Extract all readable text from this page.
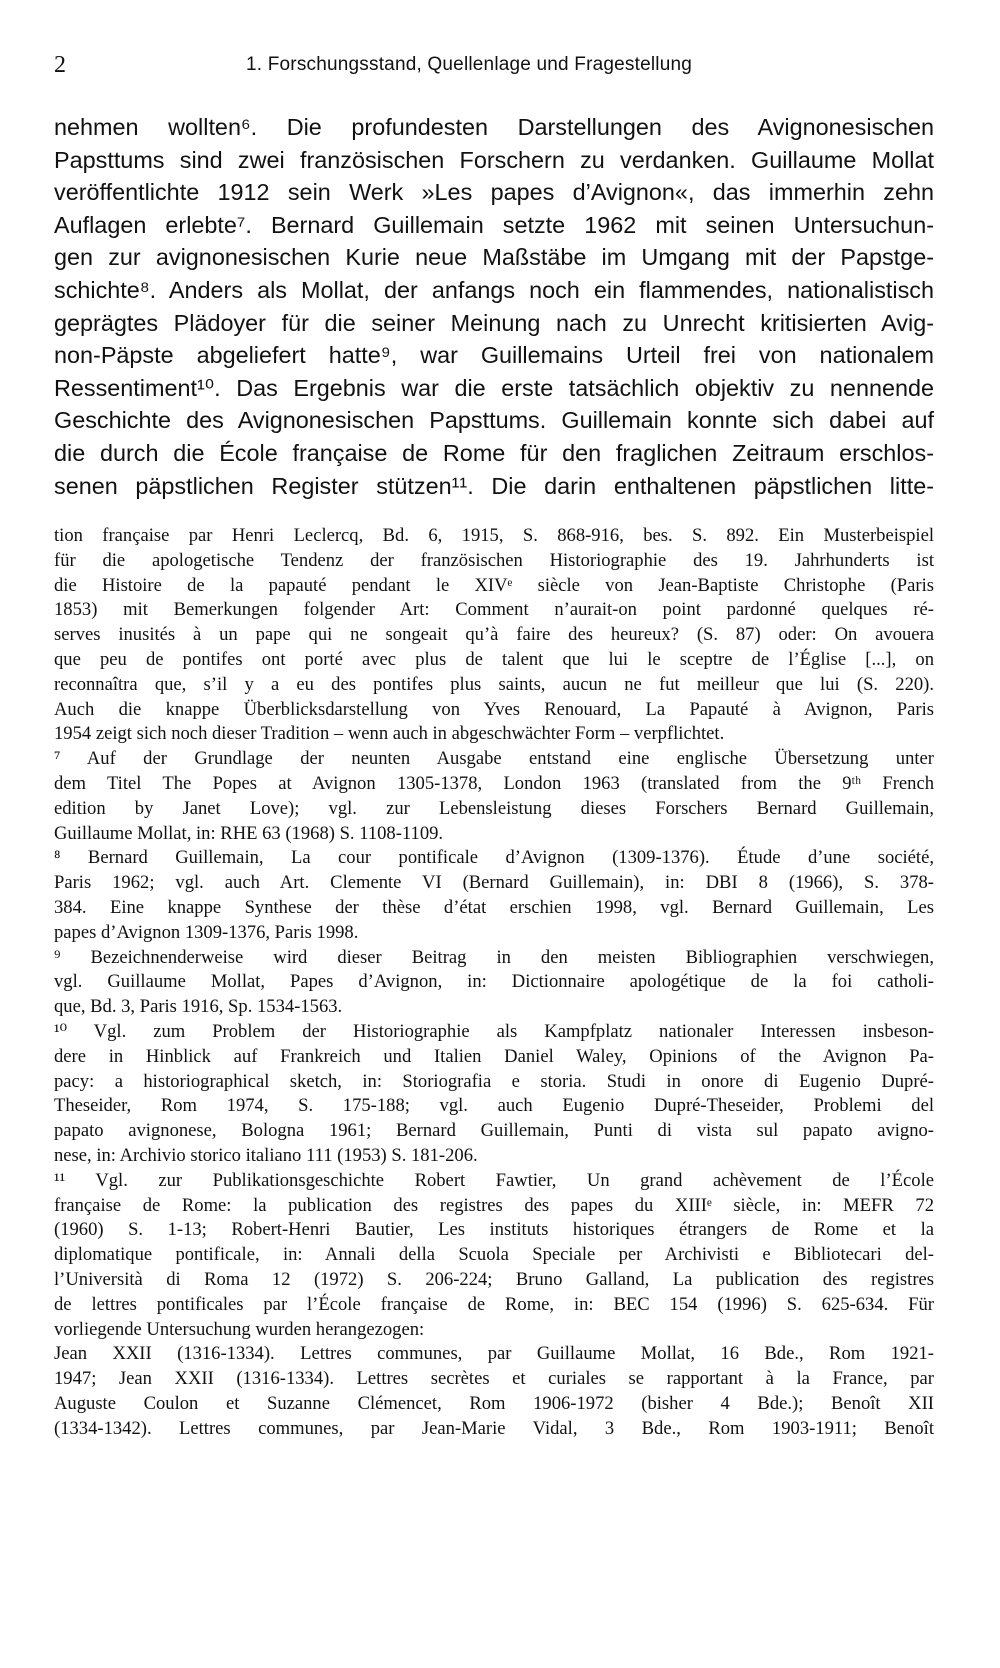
2	1. Forschungsstand, Quellenlage und Fragestellung
nehmen wollten⁶. Die profundesten Darstellungen des Avignonesischen
Papsttums sind zwei französischen Forschern zu verdanken. Guillaume Mollat
veröffentlichte 1912 sein Werk »Les papes d’Avignon«, das immerhin zehn
Auflagen erlebte⁷. Bernard Guillemain setzte 1962 mit seinen Untersuchun-
gen zur avignonesischen Kurie neue Maßstäbe im Umgang mit der Papstge-
schichte⁸. Anders als Mollat, der anfangs noch ein flammendes, nationalistisch
geprägtes Plädoyer für die seiner Meinung nach zu Unrecht kritisierten Avig-
non-Päpste abgeliefert hatte⁹, war Guillemains Urteil frei von nationalem
Ressentiment¹⁰. Das Ergebnis war die erste tatsächlich objektiv zu nennende
Geschichte des Avignonesischen Papsttums. Guillemain konnte sich dabei auf
die durch die École française de Rome für den fraglichen Zeitraum erschlos-
senen päpstlichen Register stützen¹¹. Die darin enthaltenen päpstlichen litte-
tion française par Henri Leclercq, Bd. 6, 1915, S. 868-916, bes. S. 892. Ein Musterbeispiel
für die apologetische Tendenz der französischen Historiographie des 19. Jahrhunderts ist
die Histoire de la papauté pendant le XIVᵉ siècle von Jean-Baptiste Christophe (Paris
1853) mit Bemerkungen folgender Art: Comment n’aurait-on point pardonné quelques ré-
serves inusités à un pape qui ne songeait qu’à faire des heureux? (S. 87) oder: On avouera
que peu de pontifes ont porté avec plus de talent que lui le sceptre de l’Église [...], on
reconnaîtra que, s’il y a eu des pontifes plus saints, aucun ne fut meilleur que lui (S. 220).
Auch die knappe Überblicksdarstellung von Yves Renouard, La Papauté à Avignon, Paris
1954 zeigt sich noch dieser Tradition – wenn auch in abgeschwächter Form – verpflichtet.
⁷ Auf der Grundlage der neunten Ausgabe entstand eine englische Übersetzung unter
dem Titel The Popes at Avignon 1305-1378, London 1963 (translated from the 9ᵗʰ French
edition by Janet Love); vgl. zur Lebensleistung dieses Forschers Bernard Guillemain,
Guillaume Mollat, in: RHE 63 (1968) S. 1108-1109.
⁸ Bernard Guillemain, La cour pontificale d’Avignon (1309-1376). Étude d’une société,
Paris 1962; vgl. auch Art. Clemente VI (Bernard Guillemain), in: DBI 8 (1966), S. 378-
384. Eine knappe Synthese der thèse d’état erschien 1998, vgl. Bernard Guillemain, Les
papes d’Avignon 1309-1376, Paris 1998.
⁹ Bezeichnenderweise wird dieser Beitrag in den meisten Bibliographien verschwiegen,
vgl. Guillaume Mollat, Papes d’Avignon, in: Dictionnaire apologétique de la foi catholi-
que, Bd. 3, Paris 1916, Sp. 1534-1563.
¹⁰ Vgl. zum Problem der Historiographie als Kampfplatz nationaler Interessen insbeson-
dere in Hinblick auf Frankreich und Italien Daniel Waley, Opinions of the Avignon Pa-
pacy: a historiographical sketch, in: Storiografia e storia. Studi in onore di Eugenio Dupré-
Theseider, Rom 1974, S. 175-188; vgl. auch Eugenio Dupré-Theseider, Problemi del
papato avignonese, Bologna 1961; Bernard Guillemain, Punti di vista sul papato avigno-
nese, in: Archivio storico italiano 111 (1953) S. 181-206.
¹¹ Vgl. zur Publikationsgeschichte Robert Fawtier, Un grand achèvement de l’École
française de Rome: la publication des registres des papes du XIIIᵉ siècle, in: MEFR 72
(1960) S. 1-13; Robert-Henri Bautier, Les instituts historiques étrangers de Rome et la
diplomatique pontificale, in: Annali della Scuola Speciale per Archivisti e Bibliotecari del-
l’Università di Roma 12 (1972) S. 206-224; Bruno Galland, La publication des registres
de lettres pontificales par l’École française de Rome, in: BEC 154 (1996) S. 625-634. Für
vorliegende Untersuchung wurden herangezogen:
Jean XXII (1316-1334). Lettres communes, par Guillaume Mollat, 16 Bde., Rom 1921-
1947; Jean XXII (1316-1334). Lettres secrètes et curiales se rapportant à la France, par
Auguste Coulon et Suzanne Clémencet, Rom 1906-1972 (bisher 4 Bde.); Benoît XII
(1334-1342). Lettres communes, par Jean-Marie Vidal, 3 Bde., Rom 1903-1911; Benoît
